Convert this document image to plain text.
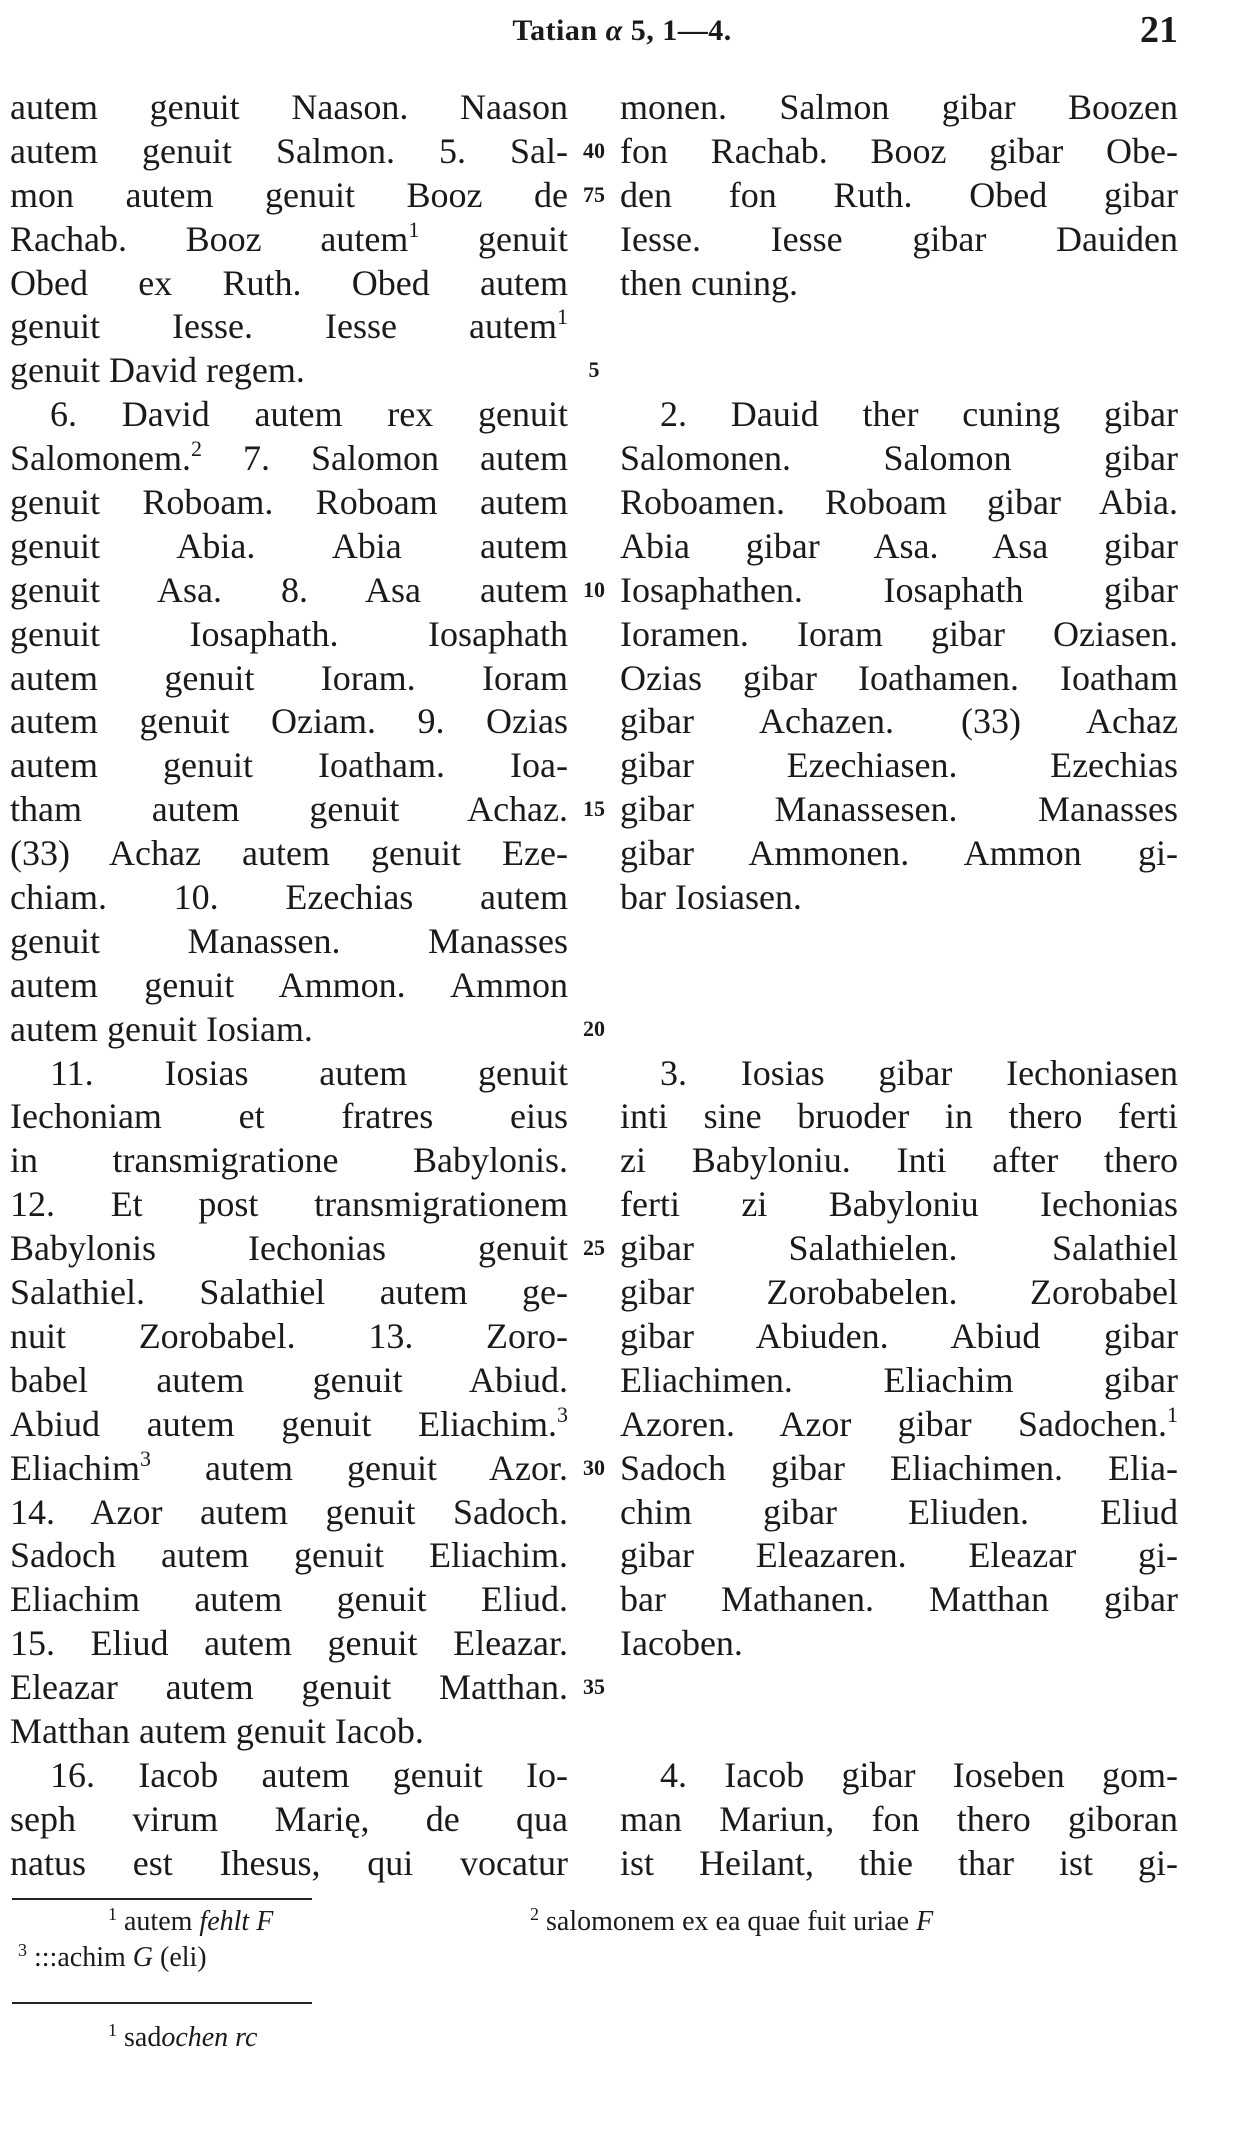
Tatian α 5, 1—4.	21
autem genuit Naason. Naason
autem genuit Salmon. 5. Sal-
mon autem genuit Booz de
Rachab. Booz autem$^1$ genuit
Obed ex Ruth. Obed autem
genuit Iesse. Iesse autem$^1$
genuit David regem.
6. David autem rex genuit
Salomonem.$^2$ 7. Salomon autem
genuit Roboam. Roboam autem
genuit Abia. Abia autem
genuit Asa. 8. Asa autem
genuit Iosaphath. Iosaphath
autem genuit Ioram. Ioram
autem genuit Oziam. 9. Ozias
autem genuit Ioatham. Ioa-
tham autem genuit Achaz.
(33) Achaz autem genuit Eze-
chiam. 10. Ezechias autem
genuit Manassen. Manasses
autem genuit Ammon. Ammon
autem genuit Iosiam.
11. Iosias autem genuit
Iechoniam et fratres eius
in transmigratione Babylonis.
12. Et post transmigrationem
Babylonis Iechonias genuit
Salathiel. Salathiel autem ge-
nuit Zorobabel. 13. Zoro-
babel autem genuit Abiud.
Abiud autem genuit Eliachim.$^3$
Eliachim$^3$ autem genuit Azor.
14. Azor autem genuit Sadoch.
Sadoch autem genuit Eliachim.
Eliachim autem genuit Eliud.
15. Eliud autem genuit Eleazar.
Eleazar autem genuit Matthan.
Matthan autem genuit Iacob.
16. Iacob autem genuit Io-
seph virum Marię, de qua
natus est Ihesus, qui vocatur
40
75
5
10
15
20
25
30
35
monen. Salmon gibar Boozen
fon Rachab. Booz gibar Obe-
den fon Ruth. Obed gibar
Iesse. Iesse gibar Dauiden
then cuning.
2. Dauid ther cuning gibar
Salomonen. Salomon gibar
Roboamen. Roboam gibar Abia.
Abia gibar Asa. Asa gibar
Iosaphathen. Iosaphath gibar
Ioramen. Ioram gibar Oziasen.
Ozias gibar Ioathamen. Ioatham
gibar Achazen. (33) Achaz
gibar Ezechiasen. Ezechias
gibar Manassesen. Manasses
gibar Ammonen. Ammon gi-
bar Iosiasen.
3. Iosias gibar Iechoniasen
inti sine bruoder in thero ferti
zi Babyloniu. Inti after thero
ferti zi Babyloniu Iechonias
gibar Salathielen. Salathiel
gibar Zorobabelen. Zorobabel
gibar Abiuden. Abiud gibar
Eliachimen. Eliachim gibar
Azoren. Azor gibar Sadochen.$^1$
Sadoch gibar Eliachimen. Elia-
chim gibar Eliuden. Eliud
gibar Eleazaren. Eleazar gi-
bar Mathanen. Matthan gibar
Iacoben.
4. Iacob gibar Ioseben gom-
man Mariun, fon thero giboran
ist Heilant, thie thar ist gi-
$^1$ autem fehlt F	$^2$ salomonem ex ea quae fuit uriae F
$^3$ :::achim G (eli)
$^1$ sadochen rc
